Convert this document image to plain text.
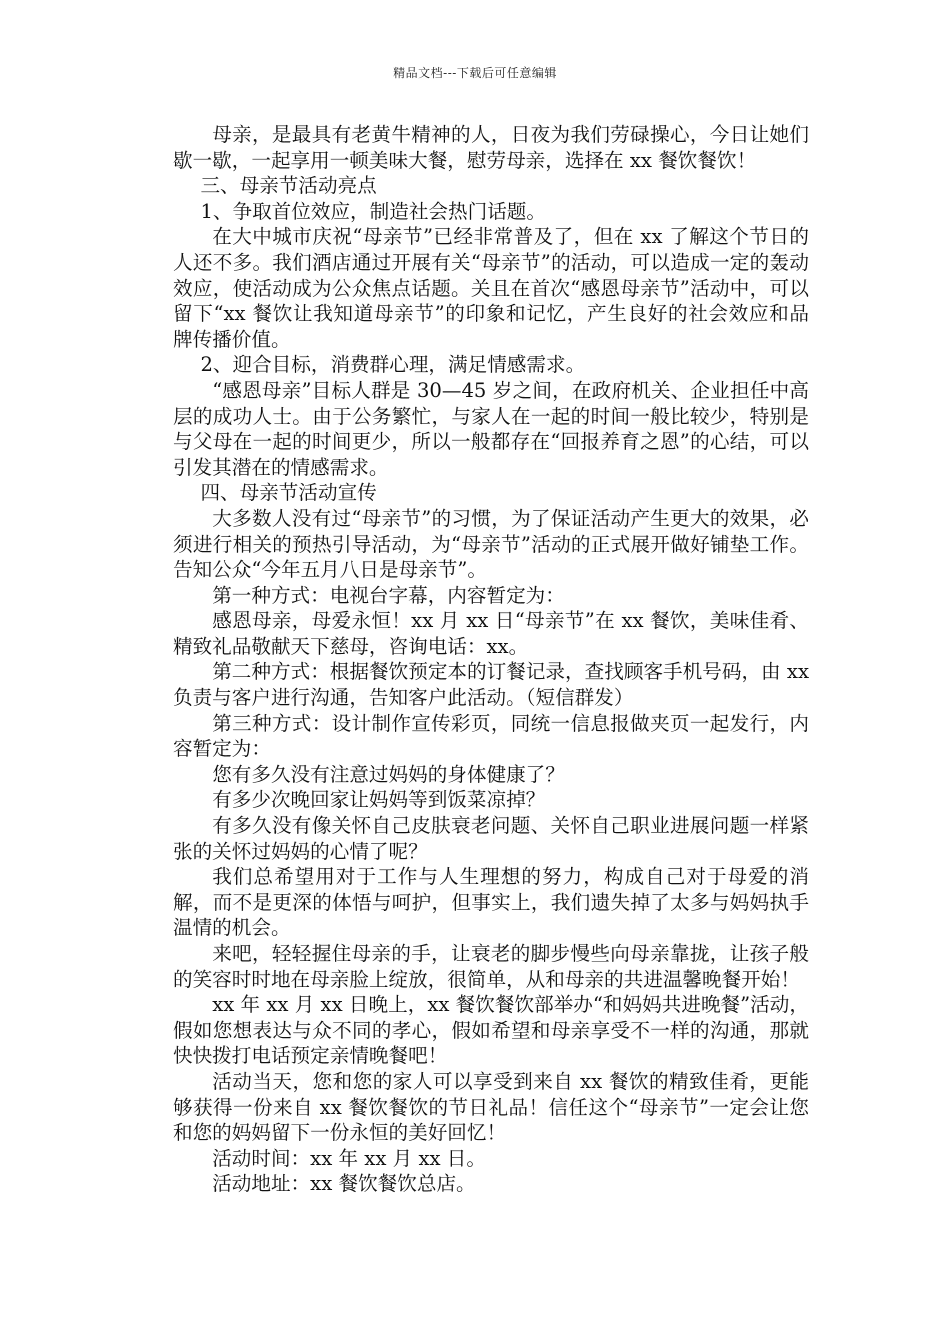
精品文档---下载后可任意编辑

母亲，是最具有老黄牛精神的人，日夜为我们劳碌操心，今日让她们歇一歇，一起享用一顿美味大餐，慰劳母亲，选择在 xx 餐饮餐饮！

三、母亲节活动亮点

1、争取首位效应，制造社会热门话题。

在大中城市庆祝“母亲节”已经非常普及了，但在 xx 了解这个节日的人还不多。我们酒店通过开展有关“母亲节”的活动，可以造成一定的轰动效应，使活动成为公众焦点话题。关且在首次“感恩母亲节”活动中，可以留下“xx 餐饮让我知道母亲节”的印象和记忆，产生良好的社会效应和品牌传播价值。

2、迎合目标，消费群心理，满足情感需求。

“感恩母亲”目标人群是 30—45 岁之间，在政府机关、企业担任中高层的成功人士。由于公务繁忙，与家人在一起的时间一般比较少，特别是与父母在一起的时间更少，所以一般都存在“回报养育之恩”的心结，可以引发其潜在的情感需求。

四、母亲节活动宣传

大多数人没有过“母亲节”的习惯，为了保证活动产生更大的效果，必须进行相关的预热引导活动，为“母亲节”活动的正式展开做好铺垫工作。告知公众“今年五月八日是母亲节”。

第一种方式：电视台字幕，内容暂定为：

感恩母亲，母爱永恒！xx 月 xx 日“母亲节”在 xx 餐饮，美味佳肴、精致礼品敬献天下慈母，咨询电话：xx。

第二种方式：根据餐饮预定本的订餐记录，查找顾客手机号码，由 xx 负责与客户进行沟通，告知客户此活动。（短信群发）

第三种方式：设计制作宣传彩页，同统一信息报做夹页一起发行，内容暂定为：

您有多久没有注意过妈妈的身体健康了？

有多少次晚回家让妈妈等到饭菜凉掉？

有多久没有像关怀自己皮肤衰老问题、关怀自己职业进展问题一样紧张的关怀过妈妈的心情了呢？

我们总希望用对于工作与人生理想的努力，构成自己对于母爱的消解，而不是更深的体悟与呵护，但事实上，我们遗失掉了太多与妈妈执手温情的机会。

来吧，轻轻握住母亲的手，让衰老的脚步慢些向母亲靠拢，让孩子般的笑容时时地在母亲脸上绽放，很简单，从和母亲的共进温馨晚餐开始！

xx 年 xx 月 xx 日晚上，xx 餐饮餐饮部举办“和妈妈共进晚餐”活动，假如您想表达与众不同的孝心，假如希望和母亲享受不一样的沟通，那就快快拨打电话预定亲情晚餐吧！

活动当天，您和您的家人可以享受到来自 xx 餐饮的精致佳肴，更能够获得一份来自 xx 餐饮餐饮的节日礼品！信任这个“母亲节”一定会让您和您的妈妈留下一份永恒的美好回忆！

活动时间：xx 年 xx 月 xx 日。

活动地址：xx 餐饮餐饮总店。
